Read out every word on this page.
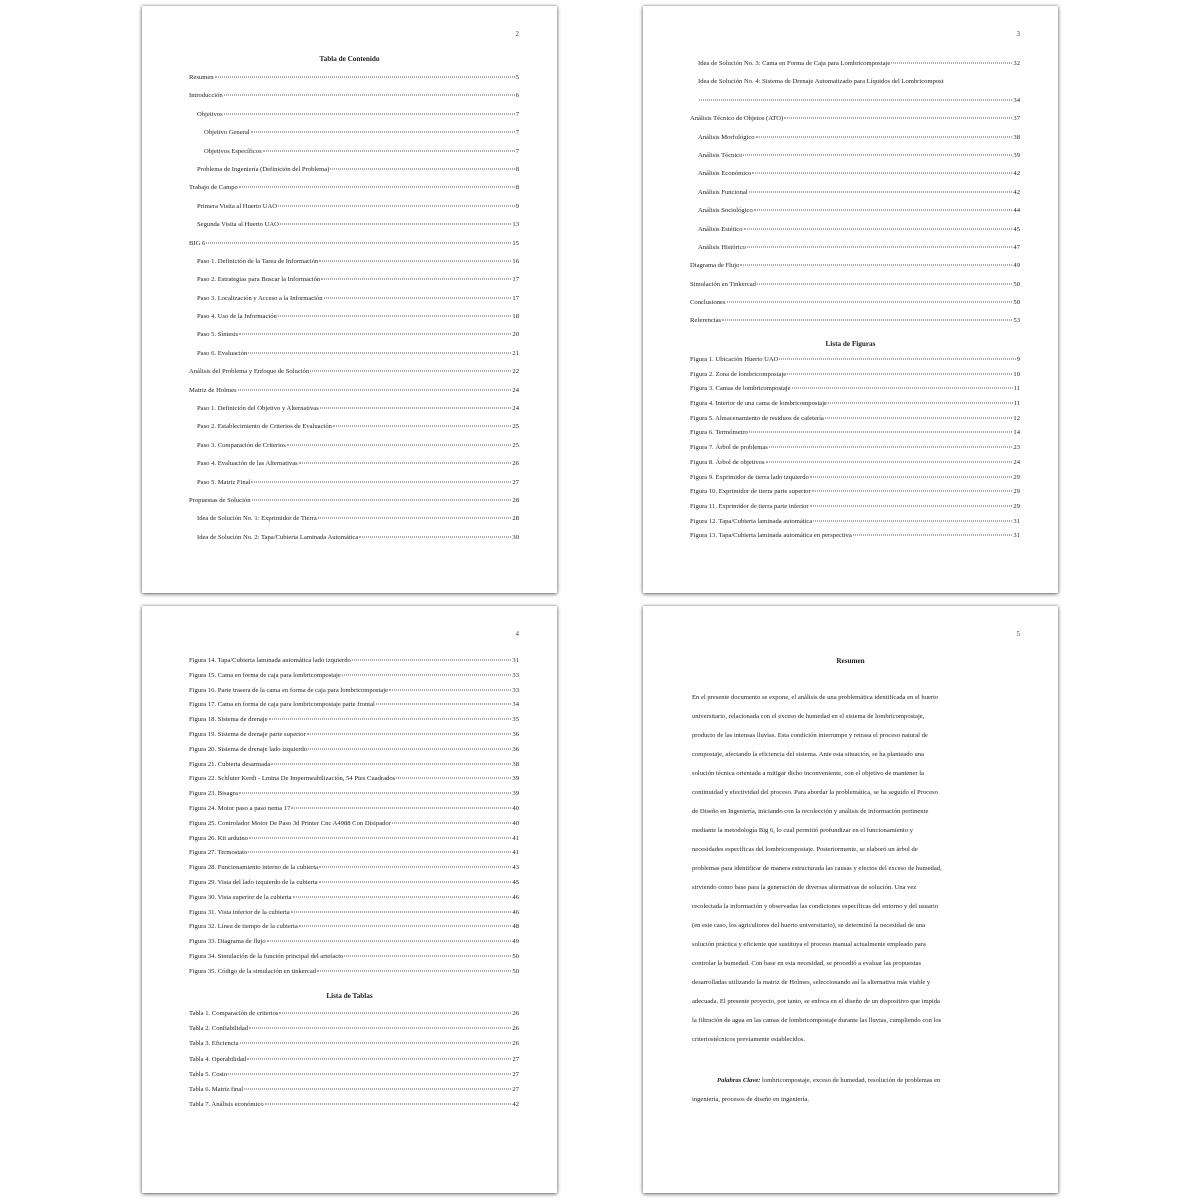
2
Tabla de Contenido
Resumen	5
Introducción	6
Objetivos	7
Objetivo General	7
Objetivos Específicos	7
Problema de Ingeniería (Definición del Problema)	8
Trabajo de Campo	8
Primera Visita al Huerto UAO	9
Segunda Visita al Huerto UAO	13
BIG 6	15
Paso 1. Definición de la Tarea de Información	16
Paso 2. Estrategias para Buscar la Información	17
Paso 3. Localización y Acceso a la Información	17
Paso 4. Uso de la Información	18
Paso 5. Síntesis	20
Paso 6. Evaluación	21
Análisis del Problema y Enfoque de Solución	22
Matriz de Holmes	24
Paso 1. Definición del Objetivo y Alternativas	24
Paso 2. Establecimiento de Criterios de Evaluación	25
Paso 3. Comparación de Criterios	25
Paso 4. Evaluación de las Alternativas	26
Paso 5. Matriz Final	27
Propuestas de Solución	28
Idea de Solución No. 1: Exprimidor de Tierra	28
Idea de Solución No. 2: Tapa/Cubierta Laminada Automática	30
3
Idea de Solución No. 3: Cama en Forma de Caja para Lombricompostaje	32
Idea de Solución No. 4: Sistema de Drenaje Automatizado para Líquidos del Lombricompost
34
Análisis Técnico de Objetos (ATO)	37
Análisis Morfológico	38
Análisis Técnico	39
Análisis Económico	42
Análisis Funcional	42
Análisis Sociológico	44
Análisis Estético	45
Análisis Histórico	47
Diagrama de Flujo	49
Simulación en Tinkercad	50
Conclusiones	50
Referencias	53
Lista de Figuras
Figura 1. Ubicación Huerto UAO	9
Figura 2. Zona de lombricompostaje	10
Figura 3. Camas de lombricompostaje	11
Figura 4. Interior de una cama de lombricompostaje	11
Figura 5. Almacenamiento de residuos de cafetería	12
Figura 6. Termómetro	14
Figura 7. Árbol de problemas	23
Figura 8. Árbol de objetivos	24
Figura 9. Exprimidor de tierra lado izquierdo	29
Figura 10. Exprimidor de tierra parte superior	29
Figura 11. Exprimidor de tierra parte inferior	29
Figura 12. Tapa/Cubierta laminada automática	31
Figura 13. Tapa/Cubierta laminada automática en perspectiva	31
4
Figura 14. Tapa/Cubierta laminada automática lado izquierdo	31
Figura 15. Cama en forma de caja para lombricompostaje	33
Figura 16. Parte trasera de la cama en forma de caja para lombricompostaje	33
Figura 17. Cama en forma de caja para lombricompostaje parte frontal	34
Figura 18. Sistema de drenaje	35
Figura 19. Sistema de drenaje parte superior	36
Figura 20. Sistema de drenaje lado izquierdo	36
Figura 21. Cubierta desarmada	38
Figura 22. Schluter Kerdi - Lmina De Impermeabilización, 54 Pies Cuadrados	39
Figura 23. Bisagra	39
Figura 24. Motor paso a paso nema 17	40
Figura 25. Controlador Motor De Paso 3d Printer Cnc A4988 Con Disipador	40
Figura 26. Kit arduino	41
Figura 27. Termostato	41
Figura 28. Funcionamiento interno de la cubierta	43
Figura 29. Vista del lado izquierdo de la cubierta	45
Figura 30. Vista superior de la cubierta	46
Figura 31. Vista inferior de la cubierta	46
Figura 32. Línea de tiempo de la cubierta	48
Figura 33. Diagrama de flujo	49
Figura 34. Simulación de la función principal del artefacto	50
Figura 35. Código de la simulación en tinkercad	50
Lista de Tablas
Tabla 1. Comparación de criterios	26
Tabla 2. Confiabilidad	26
Tabla 3. Eficiencia	26
Tabla 4. Operabilidad	27
Tabla 5. Costo	27
Tabla 6. Matriz final	27
Tabla 7. Análisis económico	42
5
Resumen
En el presente documento se expone, el análisis de una problemática identificada en el huerto
universitario, relacionada con el exceso de humedad en el sistema de lombricompostaje,
producto de las intensas lluvias. Esta condición interrumpe y retrasa el proceso natural de
compostaje, afectando la eficiencia del sistema. Ante esta situación, se ha planteado una
solución técnica orientada a mitigar dicho inconveniente, con el objetivo de mantener la
continuidad y efectividad del proceso. Para abordar la problemática, se ha seguido el Proceso
de Diseño en Ingeniería, iniciando con la recolección y análisis de información pertinente
mediante la metodología Big 6, lo cual permitió profundizar en el funcionamiento y
necesidades específicas del lombricompostaje. Posteriormente, se elaboró un árbol de
problemas para identificar de manera estructurada las causas y efectos del exceso de humedad,
sirviendo como base para la generación de diversas alternativas de solución. Una vez
recolectada la información y observadas las condiciones específicas del entorno y del usuario
(en este caso, los agricultores del huerto universitario), se determinó la necesidad de una
solución práctica y eficiente que sustituya el proceso manual actualmente empleado para
controlar la humedad. Con base en esta necesidad, se procedió a evaluar las propuestas
desarrolladas utilizando la matriz de Holmes, seleccionando así la alternativa más viable y
adecuada. El presente proyecto, por tanto, se enfoca en el diseño de un dispositivo que impida
la filtración de agua en las camas de lombricompostaje durante las lluvias, cumpliendo con los
criteriostécnicos previamente establecidos.
Palabras Clave: lombricompostaje, exceso de humedad, resolución de problemas en
ingeniería, procesos de diseño en ingeniería.
